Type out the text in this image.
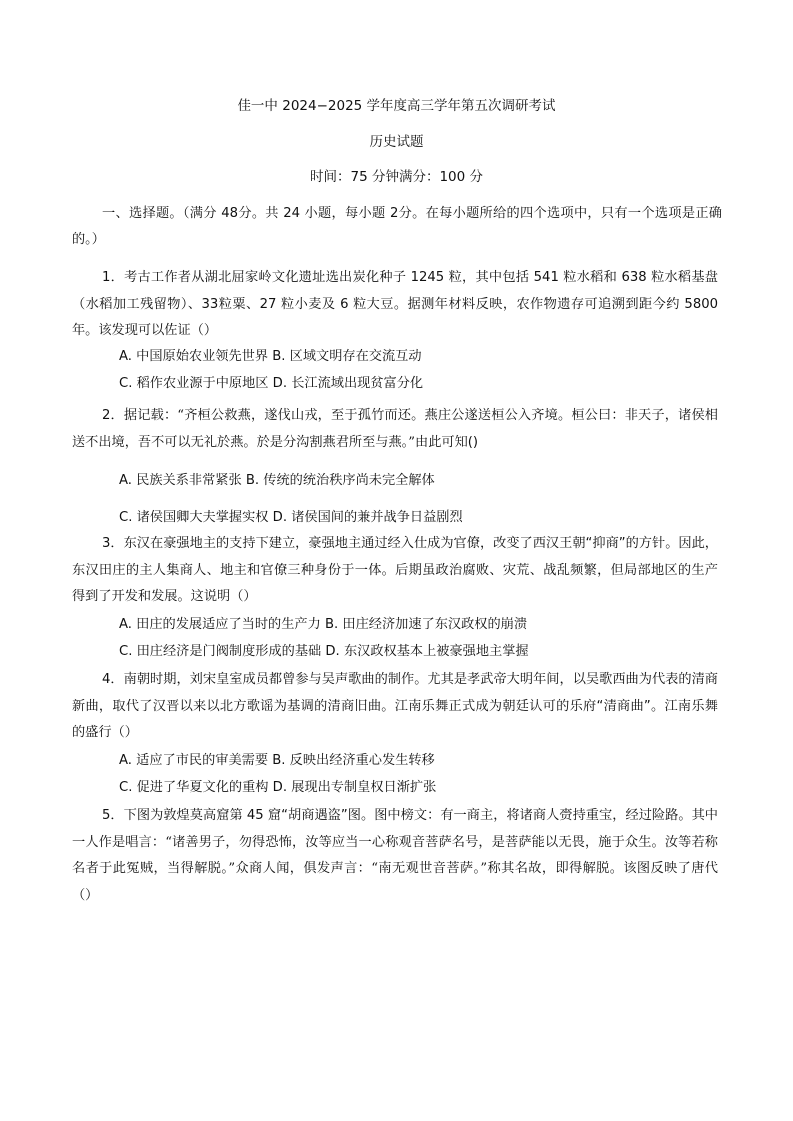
佳一中 2024−2025 学年度高三学年第五次调研考试
历史试题
时间：75 分钟满分：100 分
一、选择题。（满分 48分。共 24 小题，每小题 2分。在每小题所给的四个选项中，只有一个选项是正确的。）
1．考古工作者从湖北屈家岭文化遗址选出炭化种子 1245 粒，其中包括 541 粒水稻和 638 粒水稻基盘（水稻加工残留物）、33粒粟、27 粒小麦及 6 粒大豆。据测年材料反映，农作物遗存可追溯到距今约 5800 年。该发现可以佐证（）
A. 中国原始农业领先世界 B. 区域文明存在交流互动
C. 稻作农业源于中原地区 D. 长江流域出现贫富分化
2．据记载：“齐桓公救燕，遂伐山戎，至于孤竹而还。燕庄公遂送桓公入齐境。桓公曰：非天子，诸侯相送不出境，吾不可以无礼於燕。於是分沟割燕君所至与燕。”由此可知()
A. 民族关系非常紧张 B. 传统的统治秩序尚未完全解体
C. 诸侯国卿大夫掌握实权 D. 诸侯国间的兼并战争日益剧烈
3．东汉在豪强地主的支持下建立，豪强地主通过经入仕成为官僚，改变了西汉王朝“抑商”的方针。因此，东汉田庄的主人集商人、地主和官僚三种身份于一体。后期虽政治腐败、灾荒、战乱频繁，但局部地区的生产得到了开发和发展。这说明（）
A. 田庄的发展适应了当时的生产力 B. 田庄经济加速了东汉政权的崩溃
C. 田庄经济是门阀制度形成的基础 D. 东汉政权基本上被豪强地主掌握
4．南朝时期，刘宋皇室成员都曾参与吴声歌曲的制作。尤其是孝武帝大明年间，以吴歌西曲为代表的清商新曲，取代了汉晋以来以北方歌谣为基调的清商旧曲。江南乐舞正式成为朝廷认可的乐府“清商曲”。江南乐舞的盛行（）
A. 适应了市民的审美需要 B. 反映出经济重心发生转移
C. 促进了华夏文化的重构 D. 展现出专制皇权日渐扩张
5．下图为敦煌莫高窟第 45 窟“胡商遇盗”图。图中榜文：有一商主，将诸商人赍持重宝，经过险路。其中一人作是唱言：“诸善男子，勿得恐怖，汝等应当一心称观音菩萨名号，是菩萨能以无畏，施于众生。汝等若称名者于此冤贼，当得解脱。”众商人闻，俱发声言：“南无观世音菩萨。”称其名故，即得解脱。该图反映了唐代（）
